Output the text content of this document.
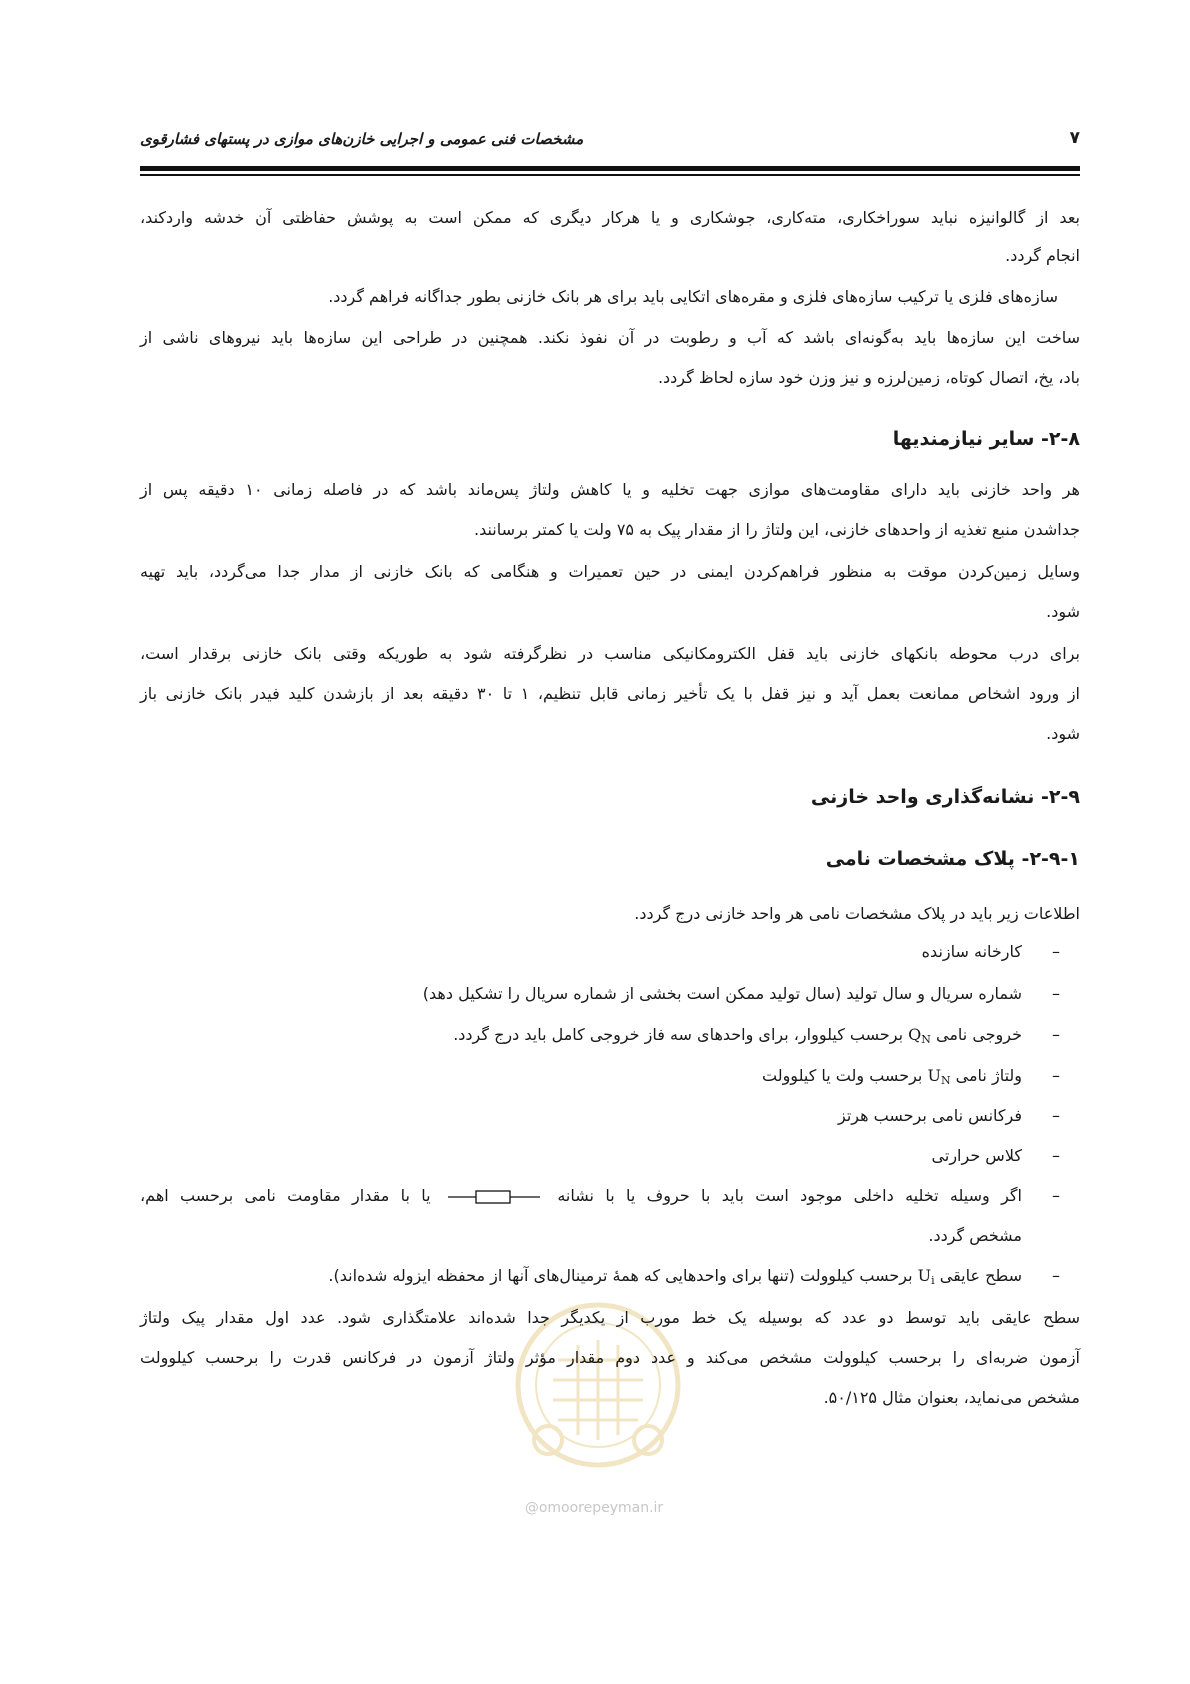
۷
مشخصات فنی عمومی و اجرایی خازن‌های موازی در پستهای فشارقوی
@omoorepeyman.ir
بعد از گالوانیزه نباید سوراخکاری، مته‌کاری، جوشکاری و یا هرکار دیگری که ممکن است به پوشش حفاظتی آن خدشه واردکند،
انجام گردد.
سازه‌های فلزی یا ترکیب سازه‌های فلزی و مقره‌های اتکایی باید برای هر بانک خازنی بطور جداگانه فراهم گردد.
ساخت این سازه‌ها باید به‌گونه‌ای باشد که آب و رطوبت در آن نفوذ نکند. همچنین در طراحی این سازه‌ها باید نیروهای ناشی از
باد، یخ، اتصال کوتاه، زمین‌لرزه و نیز وزن خود سازه لحاظ گردد.
۲-۸- سایر نیازمندیها
هر واحد خازنی باید دارای مقاومت‌های موازی جهت تخلیه و یا کاهش ولتاژ پس‌ماند باشد که در فاصله زمانی ۱۰ دقیقه پس از
جداشدن منبع تغذیه از واحدهای خازنی، این ولتاژ را از مقدار پیک به ۷۵ ولت یا کمتر برسانند.
وسایل زمین‌کردن موقت به منظور فراهم‌کردن ایمنی در حین تعمیرات و هنگامی که بانک خازنی از مدار جدا می‌گردد، باید تهیه
شود.
برای درب محوطه بانکهای خازنی باید قفل الکترومکانیکی مناسب در نظرگرفته شود به طوریکه وقتی بانک خازنی برقدار است،
از ورود اشخاص ممانعت بعمل آید و نیز قفل با یک تأخیر زمانی قابل تنظیم، ۱ تا ۳۰ دقیقه بعد از بازشدن کلید فیدر بانک خازنی باز
شود.
۲-۹- نشانه‌گذاری واحد خازنی
۲-۹-۱- پلاک مشخصات نامی
اطلاعات زیر باید در پلاک مشخصات نامی هر واحد خازنی درج گردد.
–
کارخانه سازنده
–
شماره سریال و سال تولید (سال تولید ممکن است بخشی از شماره سریال را تشکیل دهد)
–
خروجی نامی $Q_N$ برحسب کیلووار، برای واحدهای سه فاز خروجی کامل باید درج گردد.
–
ولتاژ نامی $U_N$ برحسب ولت یا کیلوولت
–
فرکانس نامی برحسب هرتز
–
کلاس حرارتی
–
اگر وسیله تخلیه داخلی موجود است باید با حروف یا با نشانه
یا با مقدار مقاومت نامی برحسب اهم،
مشخص گردد.
–
سطح عایقی $U_i$ برحسب کیلوولت (تنها برای واحدهایی که همهٔ ترمینال‌های آنها از محفظه ایزوله شده‌اند).
سطح عایقی باید توسط دو عدد که بوسیله یک خط مورب از یکدیگر جدا شده‌اند علامتگذاری شود. عدد اول مقدار پیک ولتاژ
آزمون ضربه‌ای را برحسب کیلوولت مشخص می‌کند و عدد دوم مقدار مؤثر ولتاژ آزمون در فرکانس قدرت را برحسب کیلوولت
مشخص می‌نماید، بعنوان مثال ۵۰/۱۲۵.
